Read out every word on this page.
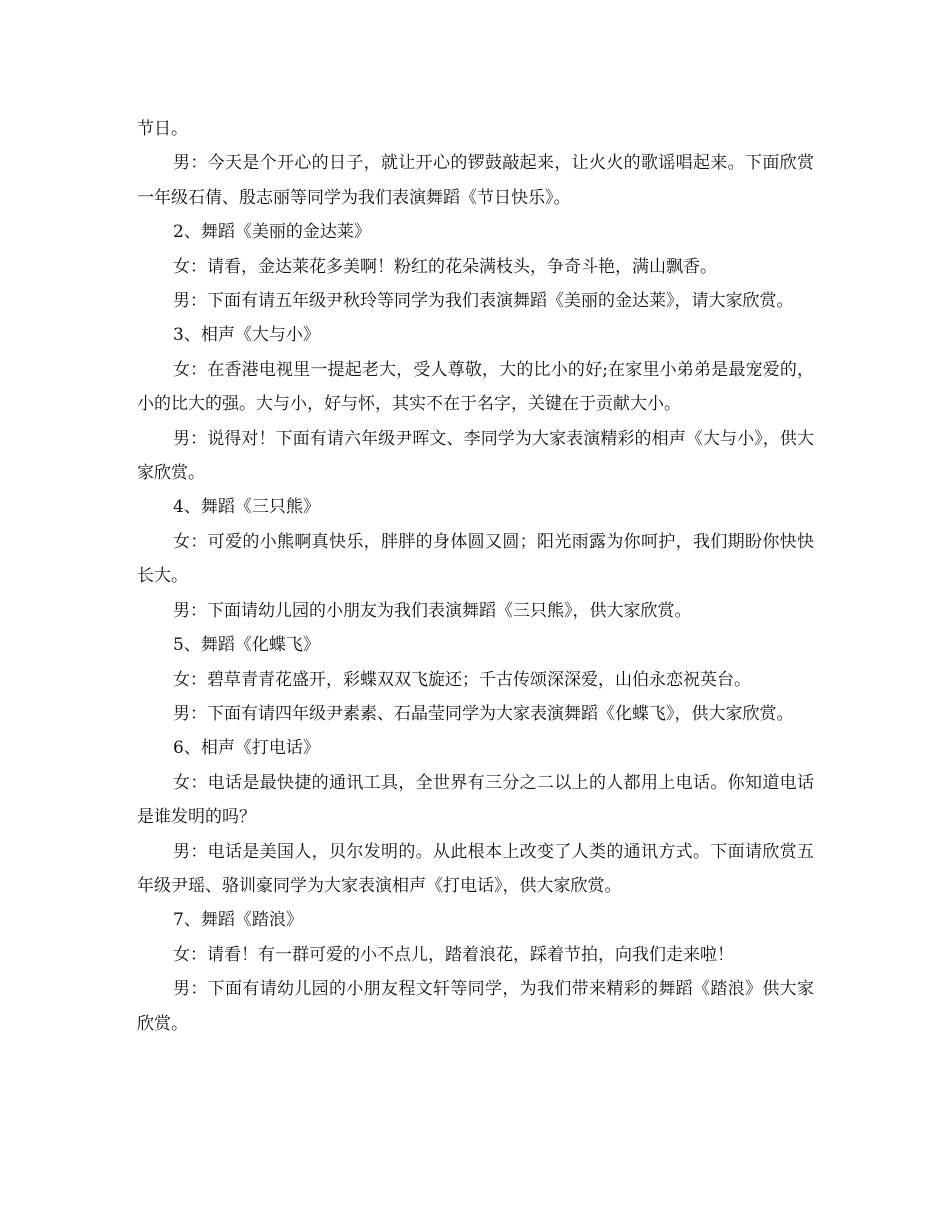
节日。

男：今天是个开心的日子，就让开心的锣鼓敲起来，让火火的歌谣唱起来。下面欣赏一年级石倩、殷志丽等同学为我们表演舞蹈《节日快乐》。

2、舞蹈《美丽的金达莱》

女：请看，金达莱花多美啊！粉红的花朵满枝头，争奇斗艳，满山飘香。

男：下面有请五年级尹秋玲等同学为我们表演舞蹈《美丽的金达莱》，请大家欣赏。

3、相声《大与小》

女：在香港电视里一提起老大，受人尊敬，大的比小的好;在家里小弟弟是最宠爱的，小的比大的强。大与小，好与怀，其实不在于名字，关键在于贡献大小。

男：说得对！下面有请六年级尹晖文、李同学为大家表演精彩的相声《大与小》，供大家欣赏。

4、舞蹈《三只熊》

女：可爱的小熊啊真快乐，胖胖的身体圆又圆；阳光雨露为你呵护，我们期盼你快快长大。

男：下面请幼儿园的小朋友为我们表演舞蹈《三只熊》，供大家欣赏。

5、舞蹈《化蝶飞》

女：碧草青青花盛开，彩蝶双双飞旋还；千古传颂深深爱，山伯永恋祝英台。

男：下面有请四年级尹素素、石晶莹同学为大家表演舞蹈《化蝶飞》，供大家欣赏。

6、相声《打电话》

女：电话是最快捷的通讯工具，全世界有三分之二以上的人都用上电话。你知道电话是谁发明的吗？

男：电话是美国人，贝尔发明的。从此根本上改变了人类的通讯方式。下面请欣赏五年级尹瑶、骆训豪同学为大家表演相声《打电话》，供大家欣赏。

7、舞蹈《踏浪》

女：请看！有一群可爱的小不点儿，踏着浪花，踩着节拍，向我们走来啦！

男：下面有请幼儿园的小朋友程文轩等同学，为我们带来精彩的舞蹈《踏浪》供大家欣赏。
